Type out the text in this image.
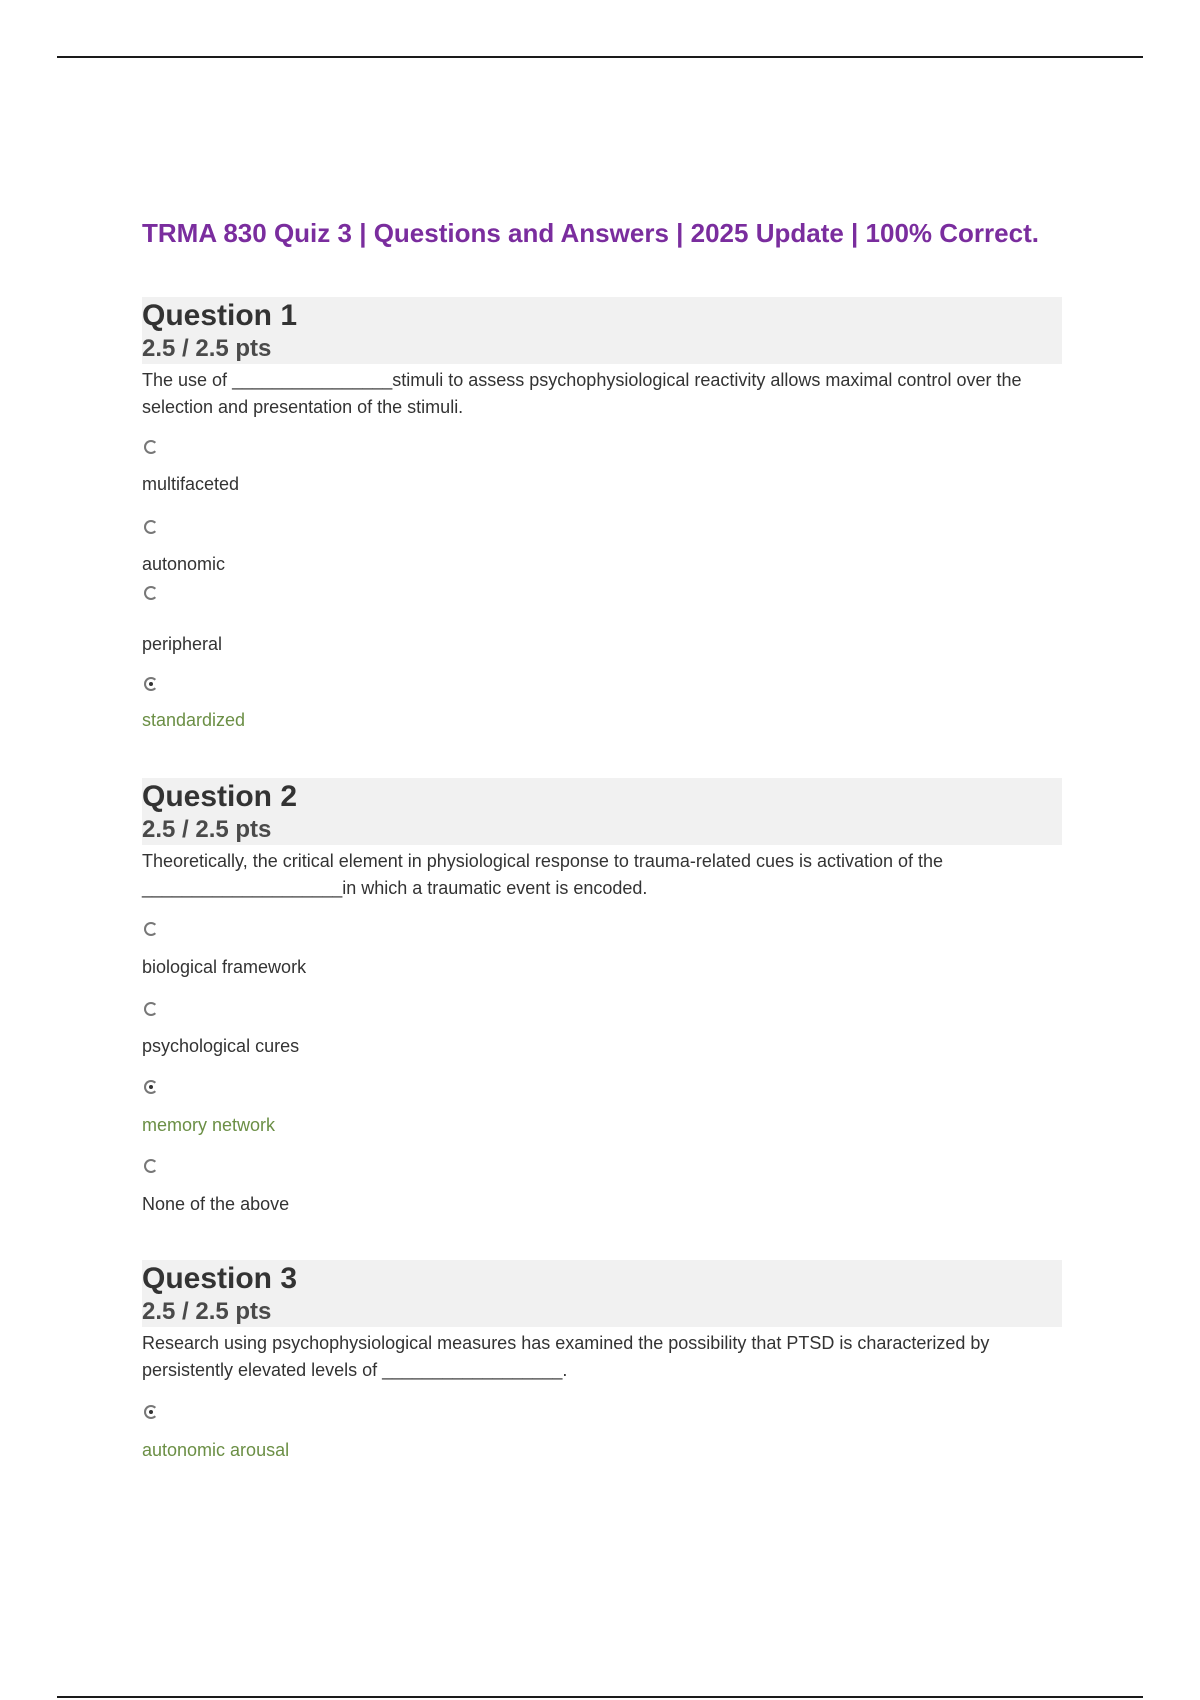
TRMA 830 Quiz 3 | Questions and Answers | 2025 Update | 100% Correct.
Question 1
2.5 / 2.5 pts
The use of ________________stimuli to assess psychophysiological reactivity allows maximal control over the selection and presentation of the stimuli.
multifaceted
autonomic
peripheral
standardized
Question 2
2.5 / 2.5 pts
Theoretically, the critical element in physiological response to trauma-related cues is activation of the ____________________in which a traumatic event is encoded.
biological framework
psychological cures
memory network
None of the above
Question 3
2.5 / 2.5 pts
Research using psychophysiological measures has examined the possibility that PTSD is characterized by persistently elevated levels of __________________.
autonomic arousal
